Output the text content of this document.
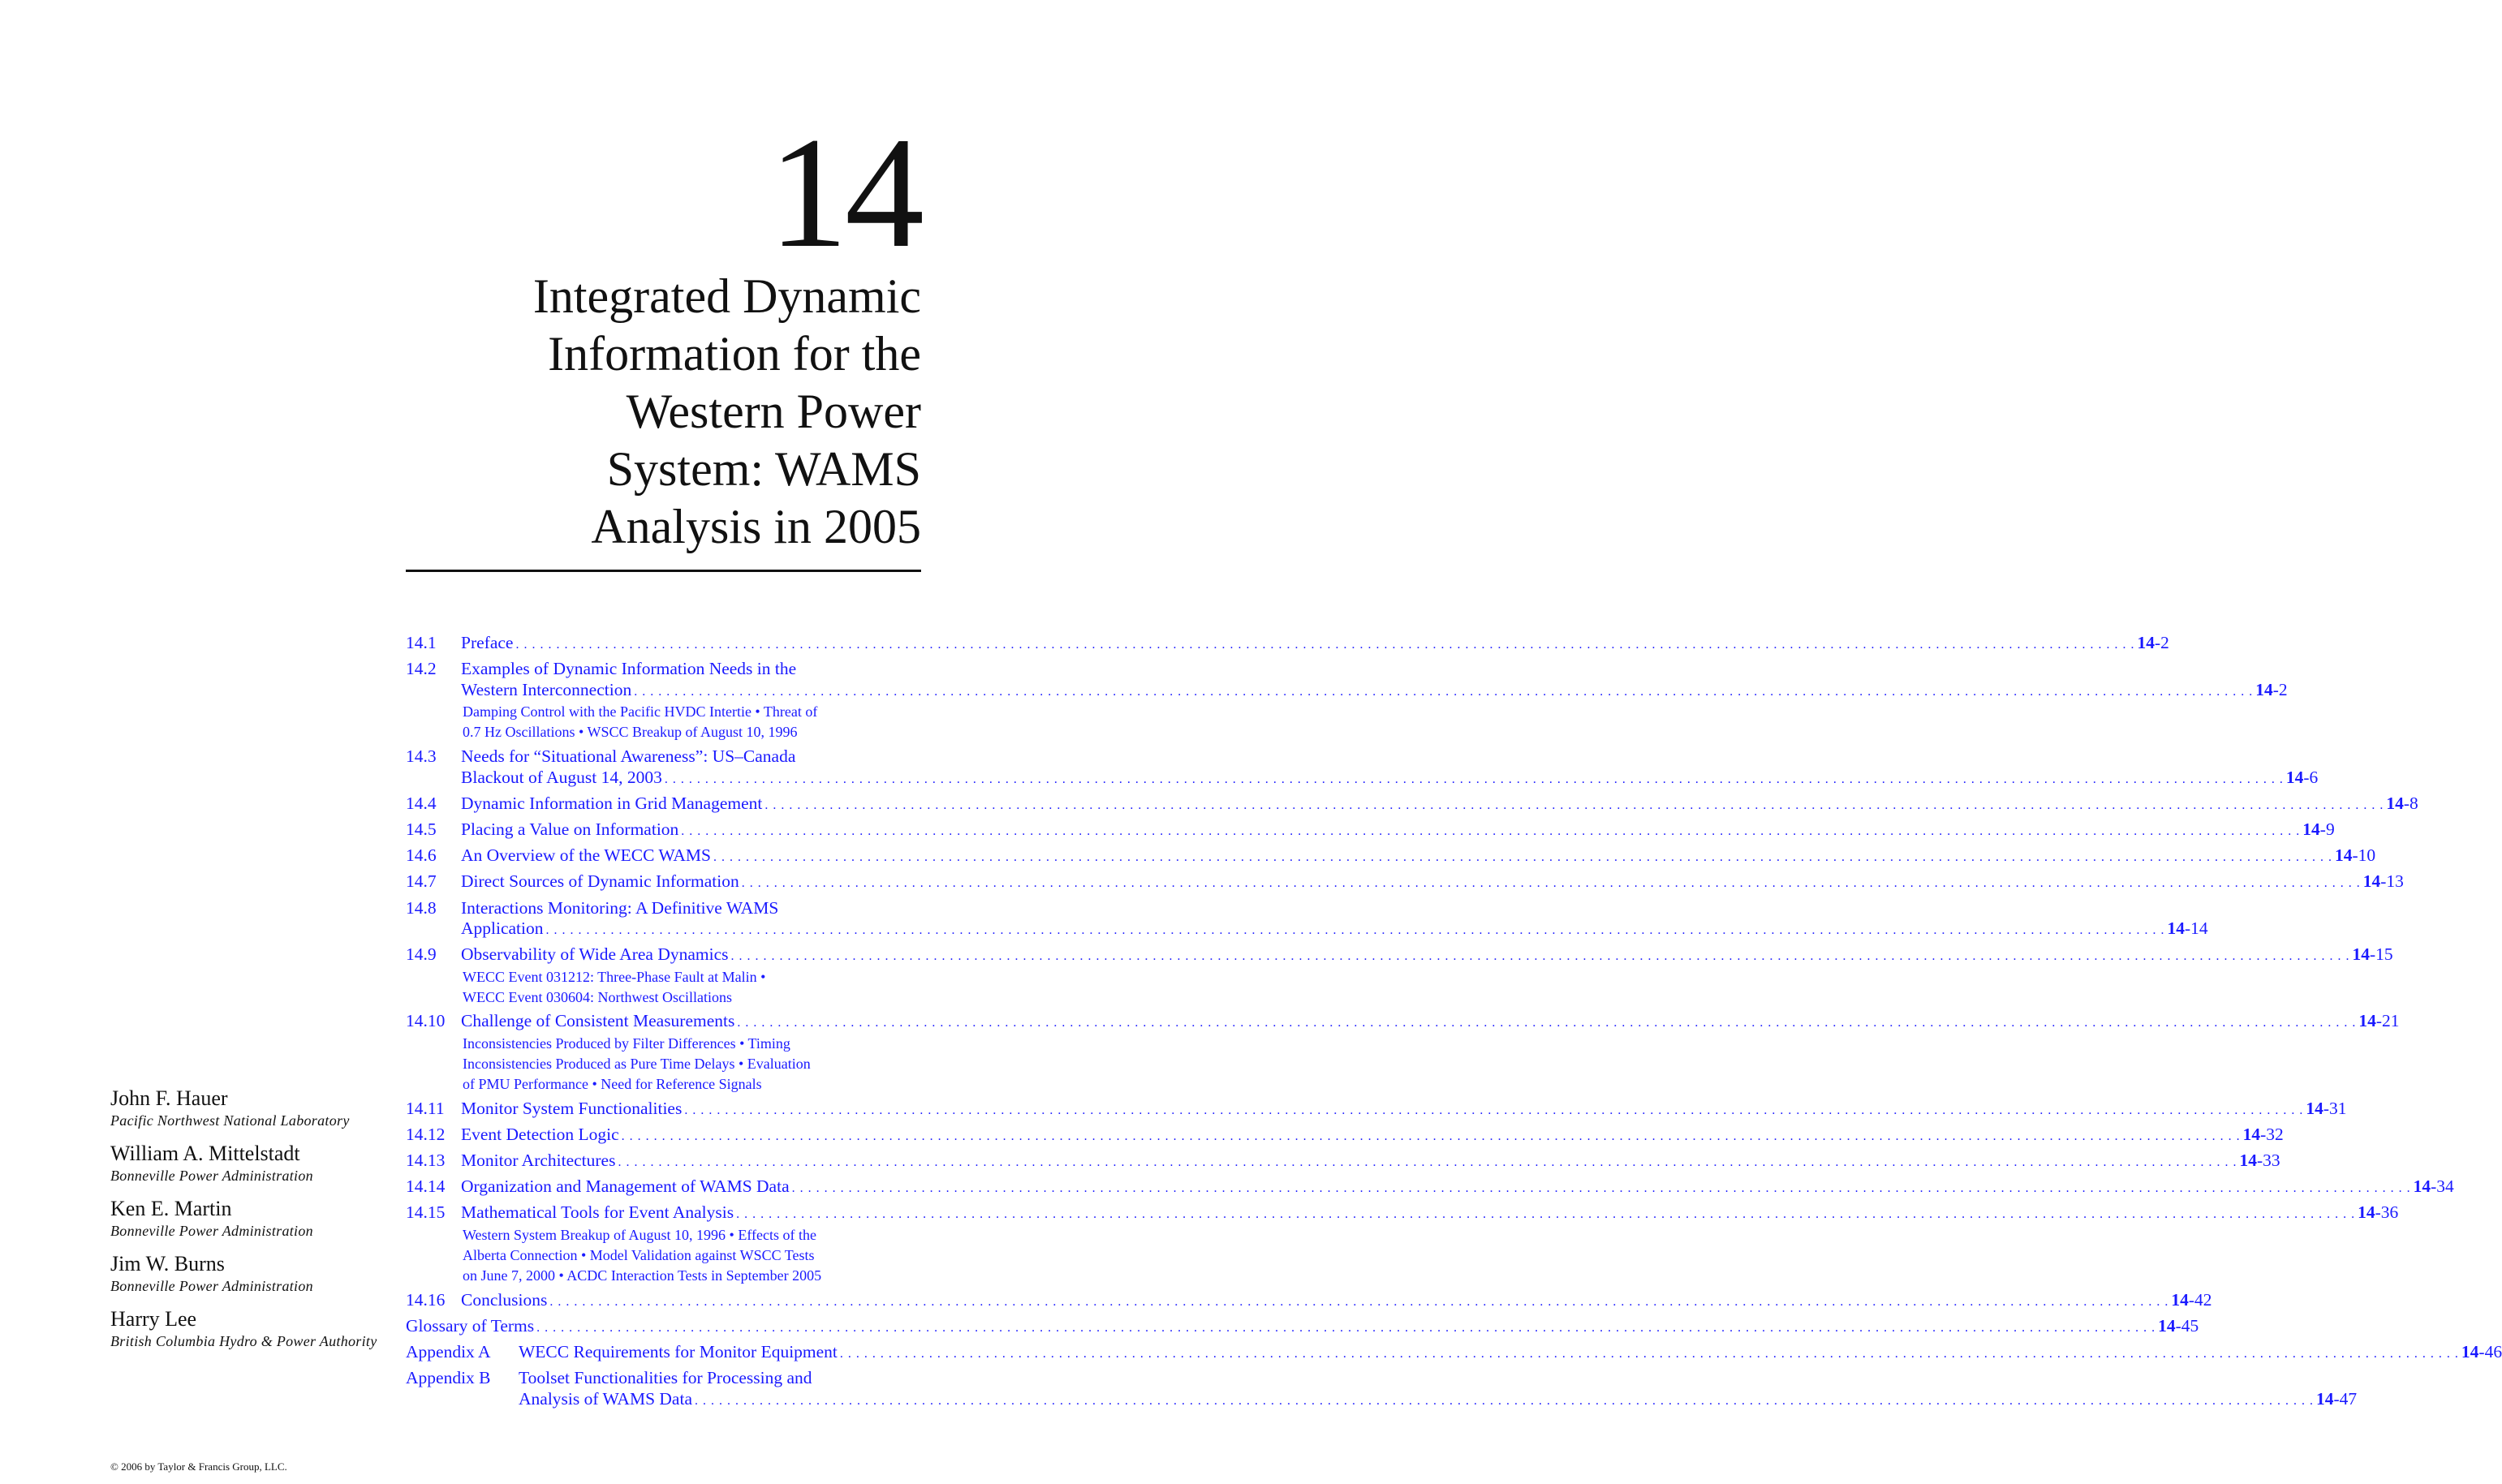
14
Integrated Dynamic
Information for the
Western Power
System: WAMS
Analysis in 2005
14.1	Preface . . . . . . . . . . . . . . . . . . . . . . . . . . . . . . . . . . . . . . . . . . . . . . . . . . . . . . . . . . . . . . . . . . . . . . . . . . . . . . . . . . . . . . . . . . . . . . . . . . . . . . . . . . . . . . . . . . . . . . . . . . . . . . . . . . . . . . . . . . . . . . . . . . . . . . . . . . . . . . . . . . . . . . . . . . . . . . . . . . . . . . . . . . . . . . . . . . . . . . . . 14-2
14.2	Examples of Dynamic Information Needs in the
Western Interconnection . . . . . . . . . . . . . . . . . . . . . . . . . . . . . . . . . . . . . . . . . . . . . . . . . . . . . . . . . . . . . . . . . . . . . . . . . . . . . . . . . . . . . . . . . . . . . . . . . . . . . . . . . . . . . . . . . . . . . . . . . . . . . . . . . . . . . . . . . . . . . . . . . . . . . . . . . . . . . . . . . . . . . . . . . . . . . . . . . . . . . . . . . . . . . . . . . . . . . . . . 14-2
Damping Control with the Pacific HVDC Intertie • Threat of
0.7 Hz Oscillations • WSCC Breakup of August 10, 1996
14.3	Needs for “Situational Awareness”: US–Canada
Blackout of August 14, 2003 . . . . . . . . . . . . . . . . . . . . . . . . . . . . . . . . . . . . . . . . . . . . . . . . . . . . . . . . . . . . . . . . . . . . . . . . . . . . . . . . . . . . . . . . . . . . . . . . . . . . . . . . . . . . . . . . . . . . . . . . . . . . . . . . . . . . . . . . . . . . . . . . . . . . . . . . . . . . . . . . . . . . . . . . . . . . . . . . . . . . . . . . . . . . . . . . . . . . . . . . 14-6
14.4	Dynamic Information in Grid Management . . . . . . . . . . . . . . . . . . . . . . . . . . . . . . . . . . . . . . . . . . . . . . . . . . . . . . . . . . . . . . . . . . . . . . . . . . . . . . . . . . . . . . . . . . . . . . . . . . . . . . . . . . . . . . . . . . . . . . . . . . . . . . . . . . . . . . . . . . . . . . . . . . . . . . . . . . . . . . . . . . . . . . . . . . . . . . . . . . . . . . . . . . . . . . . . . . . . . . . . 14-8
14.5	Placing a Value on Information . . . . . . . . . . . . . . . . . . . . . . . . . . . . . . . . . . . . . . . . . . . . . . . . . . . . . . . . . . . . . . . . . . . . . . . . . . . . . . . . . . . . . . . . . . . . . . . . . . . . . . . . . . . . . . . . . . . . . . . . . . . . . . . . . . . . . . . . . . . . . . . . . . . . . . . . . . . . . . . . . . . . . . . . . . . . . . . . . . . . . . . . . . . . . . . . . . . . . . . . 14-9
14.6	An Overview of the WECC WAMS . . . . . . . . . . . . . . . . . . . . . . . . . . . . . . . . . . . . . . . . . . . . . . . . . . . . . . . . . . . . . . . . . . . . . . . . . . . . . . . . . . . . . . . . . . . . . . . . . . . . . . . . . . . . . . . . . . . . . . . . . . . . . . . . . . . . . . . . . . . . . . . . . . . . . . . . . . . . . . . . . . . . . . . . . . . . . . . . . . . . . . . . . . . . . . . . . . . . . . . . 14-10
14.7	Direct Sources of Dynamic Information . . . . . . . . . . . . . . . . . . . . . . . . . . . . . . . . . . . . . . . . . . . . . . . . . . . . . . . . . . . . . . . . . . . . . . . . . . . . . . . . . . . . . . . . . . . . . . . . . . . . . . . . . . . . . . . . . . . . . . . . . . . . . . . . . . . . . . . . . . . . . . . . . . . . . . . . . . . . . . . . . . . . . . . . . . . . . . . . . . . . . . . . . . . . . . . . . . . . . . . . 14-13
14.8	Interactions Monitoring: A Definitive WAMS
Application . . . . . . . . . . . . . . . . . . . . . . . . . . . . . . . . . . . . . . . . . . . . . . . . . . . . . . . . . . . . . . . . . . . . . . . . . . . . . . . . . . . . . . . . . . . . . . . . . . . . . . . . . . . . . . . . . . . . . . . . . . . . . . . . . . . . . . . . . . . . . . . . . . . . . . . . . . . . . . . . . . . . . . . . . . . . . . . . . . . . . . . . . . . . . . . . . . . . . . . . 14-14
14.9	Observability of Wide Area Dynamics . . . . . . . . . . . . . . . . . . . . . . . . . . . . . . . . . . . . . . . . . . . . . . . . . . . . . . . . . . . . . . . . . . . . . . . . . . . . . . . . . . . . . . . . . . . . . . . . . . . . . . . . . . . . . . . . . . . . . . . . . . . . . . . . . . . . . . . . . . . . . . . . . . . . . . . . . . . . . . . . . . . . . . . . . . . . . . . . . . . . . . . . . . . . . . . . . . . . . . . . 14-15
WECC Event 031212: Three-Phase Fault at Malin •
WECC Event 030604: Northwest Oscillations
14.10 Challenge of Consistent Measurements . . . . . . . . . . . . . . . . . . . . . . . . . . . . . . . . . . . . . . . . . . . . . . . . . . . . . . . . . . . . . . . . . . . . . . . . . . . . . . . . . . . . . . . . . . . . . . . . . . . . . . . . . . . . . . . . . . . . . . . . . . . . . . . . . . . . . . . . . . . . . . . . . . . . . . . . . . . . . . . . . . . . . . . . . . . . . . . . . . . . . . . . . . . . . . . . . . . . . . . . 14-21
Inconsistencies Produced by Filter Differences • Timing
Inconsistencies Produced as Pure Time Delays • Evaluation
of PMU Performance • Need for Reference Signals
14.11 Monitor System Functionalities . . . . . . . . . . . . . . . . . . . . . . . . . . . . . . . . . . . . . . . . . . . . . . . . . . . . . . . . . . . . . . . . . . . . . . . . . . . . . . . . . . . . . . . . . . . . . . . . . . . . . . . . . . . . . . . . . . . . . . . . . . . . . . . . . . . . . . . . . . . . . . . . . . . . . . . . . . . . . . . . . . . . . . . . . . . . . . . . . . . . . . . . . . . . . . . . . . . . . . . . 14-31
14.12 Event Detection Logic . . . . . . . . . . . . . . . . . . . . . . . . . . . . . . . . . . . . . . . . . . . . . . . . . . . . . . . . . . . . . . . . . . . . . . . . . . . . . . . . . . . . . . . . . . . . . . . . . . . . . . . . . . . . . . . . . . . . . . . . . . . . . . . . . . . . . . . . . . . . . . . . . . . . . . . . . . . . . . . . . . . . . . . . . . . . . . . . . . . . . . . . . . . . . . . . . . . . . . . . 14-32
14.13 Monitor Architectures . . . . . . . . . . . . . . . . . . . . . . . . . . . . . . . . . . . . . . . . . . . . . . . . . . . . . . . . . . . . . . . . . . . . . . . . . . . . . . . . . . . . . . . . . . . . . . . . . . . . . . . . . . . . . . . . . . . . . . . . . . . . . . . . . . . . . . . . . . . . . . . . . . . . . . . . . . . . . . . . . . . . . . . . . . . . . . . . . . . . . . . . . . . . . . . . . . . . . . . . 14-33
14.14 Organization and Management of WAMS Data . . . . . . . . . . . . . . . . . . . . . . . . . . . . . . . . . . . . . . . . . . . . . . . . . . . . . . . . . . . . . . . . . . . . . . . . . . . . . . . . . . . . . . . . . . . . . . . . . . . . . . . . . . . . . . . . . . . . . . . . . . . . . . . . . . . . . . . . . . . . . . . . . . . . . . . . . . . . . . . . . . . . . . . . . . . . . . . . . . . . . . . . . . . . . . . . . . . . . . . . 14-34
14.15 Mathematical Tools for Event Analysis . . . . . . . . . . . . . . . . . . . . . . . . . . . . . . . . . . . . . . . . . . . . . . . . . . . . . . . . . . . . . . . . . . . . . . . . . . . . . . . . . . . . . . . . . . . . . . . . . . . . . . . . . . . . . . . . . . . . . . . . . . . . . . . . . . . . . . . . . . . . . . . . . . . . . . . . . . . . . . . . . . . . . . . . . . . . . . . . . . . . . . . . . . . . . . . . . . . . . . . . 14-36
Western System Breakup of August 10, 1996 • Effects of the
Alberta Connection • Model Validation against WSCC Tests
on June 7, 2000 • ACDC Interaction Tests in September 2005
14.16 Conclusions . . . . . . . . . . . . . . . . . . . . . . . . . . . . . . . . . . . . . . . . . . . . . . . . . . . . . . . . . . . . . . . . . . . . . . . . . . . . . . . . . . . . . . . . . . . . . . . . . . . . . . . . . . . . . . . . . . . . . . . . . . . . . . . . . . . . . . . . . . . . . . . . . . . . . . . . . . . . . . . . . . . . . . . . . . . . . . . . . . . . . . . . . . . . . . . . . . . . . . . . 14-42
Glossary of Terms . . . . . . . . . . . . . . . . . . . . . . . . . . . . . . . . . . . . . . . . . . . . . . . . . . . . . . . . . . . . . . . . . . . . . . . . . . . . . . . . . . . . . . . . . . . . . . . . . . . . . . . . . . . . . . . . . . . . . . . . . . . . . . . . . . . . . . . . . . . . . . . . . . . . . . . . . . . . . . . . . . . . . . . . . . . . . . . . . . . . . . . . . . . . . . . . . . . . . . . . 14-45
Appendix A	WECC Requirements for Monitor Equipment . . . . . . . . . . . . . . . . . . . . . . . . . . . . . . . . . . . . . . . . . . . . . . . . . . . . . . . . . . . . . . . . . . . . . . . . . . . . . . . . . . . . . . . . . . . . . . . . . . . . . . . . . . . . . . . . . . . . . . . . . . . . . . . . . . . . . . . . . . . . . . . . . . . . . . . . . . . . . . . . . . . . . . . . . . . . . . . . . . . . . . . . . . . . . . . . . . . . . . . . 14-46
Appendix B	Toolset Functionalities for Processing and
Analysis of WAMS Data . . . . . . . . . . . . . . . . . . . . . . . . . . . . . . . . . . . . . . . . . . . . . . . . . . . . . . . . . . . . . . . . . . . . . . . . . . . . . . . . . . . . . . . . . . . . . . . . . . . . . . . . . . . . . . . . . . . . . . . . . . . . . . . . . . . . . . . . . . . . . . . . . . . . . . . . . . . . . . . . . . . . . . . . . . . . . . . . . . . . . . . . . . . . . . . . . . . . . . . . 14-47
John F. Hauer
Pacific Northwest National Laboratory
William A. Mittelstadt
Bonneville Power Administration
Ken E. Martin
Bonneville Power Administration
Jim W. Burns
Bonneville Power Administration
Harry Lee
British Columbia Hydro & Power Authority
© 2006 by Taylor & Francis Group, LLC.
